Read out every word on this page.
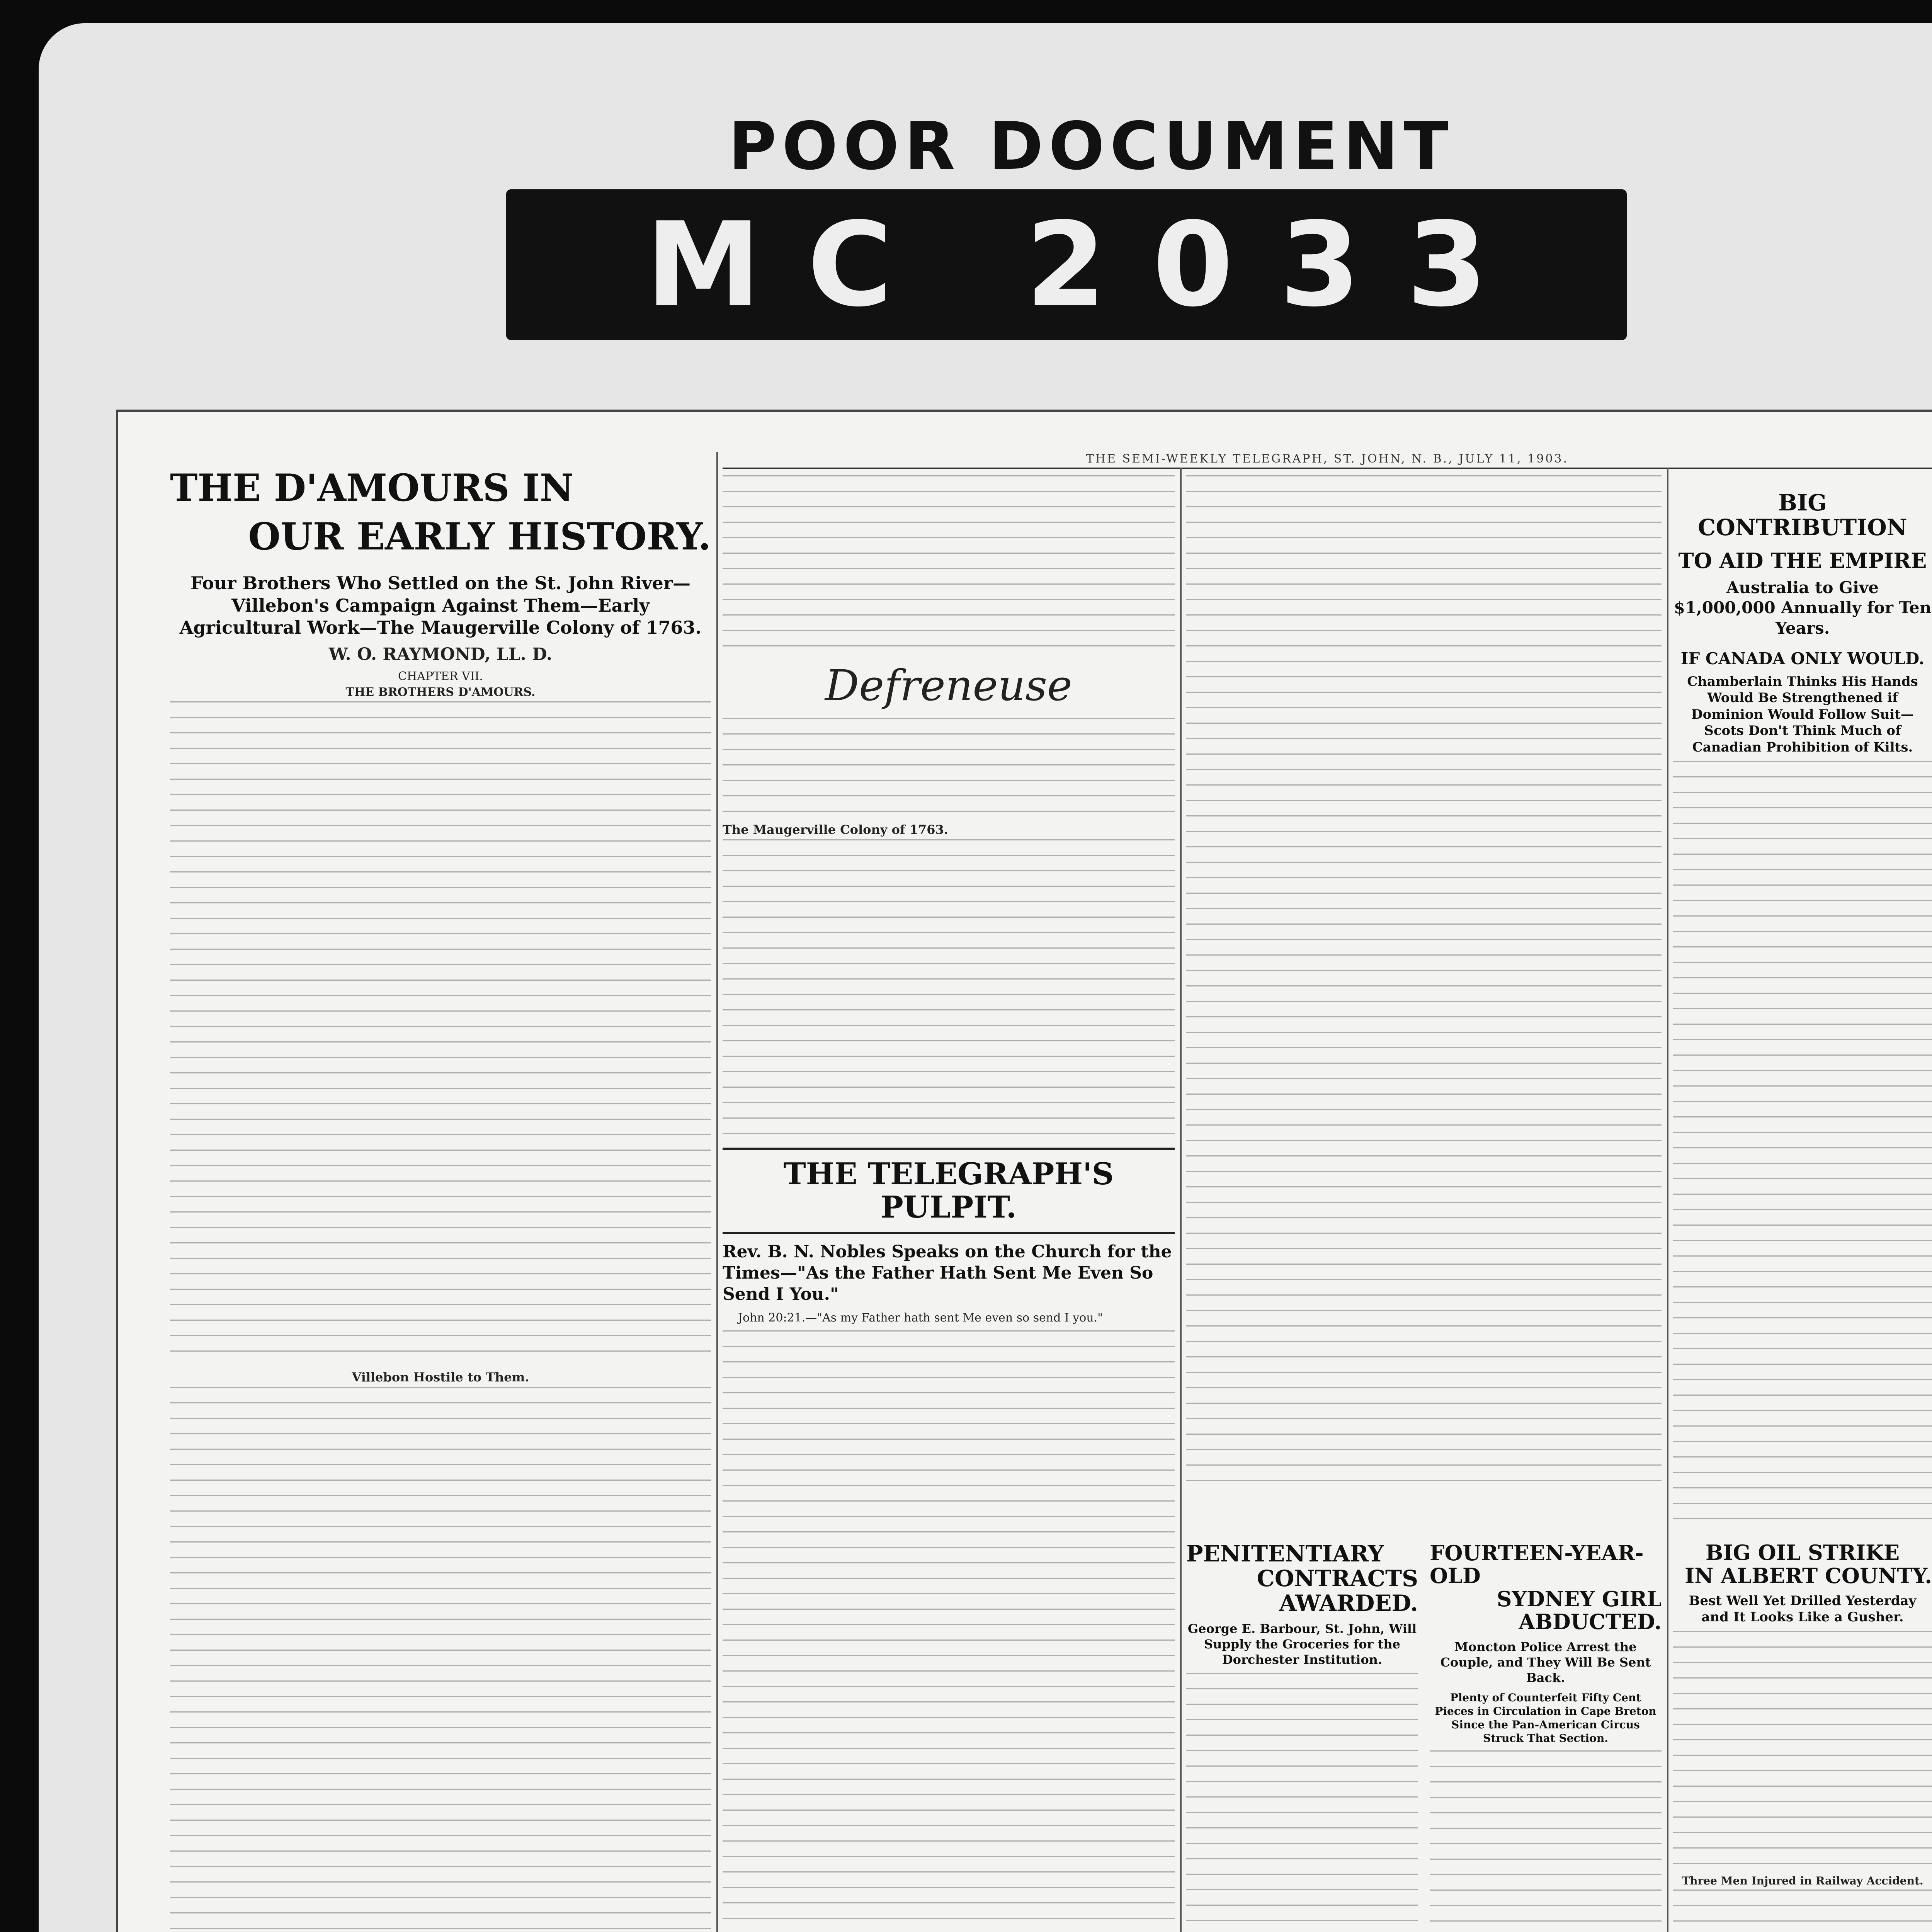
POOR DOCUMENT
MC 2033
THE SEMI-WEEKLY TELEGRAPH, ST. JOHN, N. B., JULY 11, 1903.

THE D'AMOURS IN

OUR EARLY HISTORY.

Four Brothers Who Settled on the St. John River—Villebon's Campaign Against Them—Early Agricultural Work—The Maugerville Colony of 1763.

W. O. RAYMOND, LL. D.

CHAPTER VII.

THE BROTHERS D'AMOURS.

Villebon Hostile to Them.

Defreneuse

The Maugerville Colony of 1763.

THE TELEGRAPH'S PULPIT.

Rev. B. N. Nobles Speaks on the Church for the Times—"As the Father Hath Sent Me Even So Send I You."

John 20:21.—"As my Father hath sent Me even so send I you."

PENITENTIARY

CONTRACTS AWARDED.

George E. Barbour, St. John, Will Supply the Groceries for the Dorchester Institution.

FOURTEEN-YEAR-OLD

SYDNEY GIRL ABDUCTED.

Moncton Police Arrest the Couple, and They Will Be Sent Back.

Plenty of Counterfeit Fifty Cent Pieces in Circulation in Cape Breton Since the Pan-American Circus Struck That Section.

BIG CONTRIBUTION

TO AID THE EMPIRE

Australia to Give $1,000,000 Annually for Ten Years.

IF CANADA ONLY WOULD.

Chamberlain Thinks His Hands Would Be Strengthened if Dominion Would Follow Suit—Scots Don't Think Much of Canadian Prohibition of Kilts.

BIG OIL STRIKE

IN ALBERT COUNTY.

Best Well Yet Drilled Yesterday and It Looks Like a Gusher.

Three Men Injured in Railway Accident.
